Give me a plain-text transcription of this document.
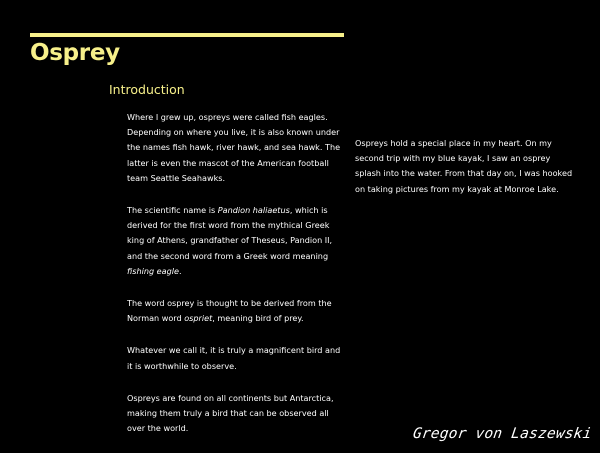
Osprey
Introduction

Where I grew up, ospreys were called fish eagles. Depending on where you live, it is also known under the names fish hawk, river hawk, and sea hawk. The latter is even the mascot of the American football team Seattle Seahawks.

The scientific name is Pandion haliaetus, which is derived for the first word from the mythical Greek king of Athens, grandfather of Theseus, Pandion II, and the second word from a Greek word meaning fishing eagle.

The word osprey is thought to be derived from the Norman word ospriet, meaning bird of prey.

Whatever we call it, it is truly a magnificent bird and it is worthwhile to observe.

Ospreys are found on all continents but Antarctica, making them truly a bird that can be observed all over the world.

Ospreys hold a special place in my heart. On my second trip with my blue kayak, I saw an osprey splash into the water. From that day on, I was hooked on taking pictures from my kayak at Monroe Lake.

Gregor von Laszewski
